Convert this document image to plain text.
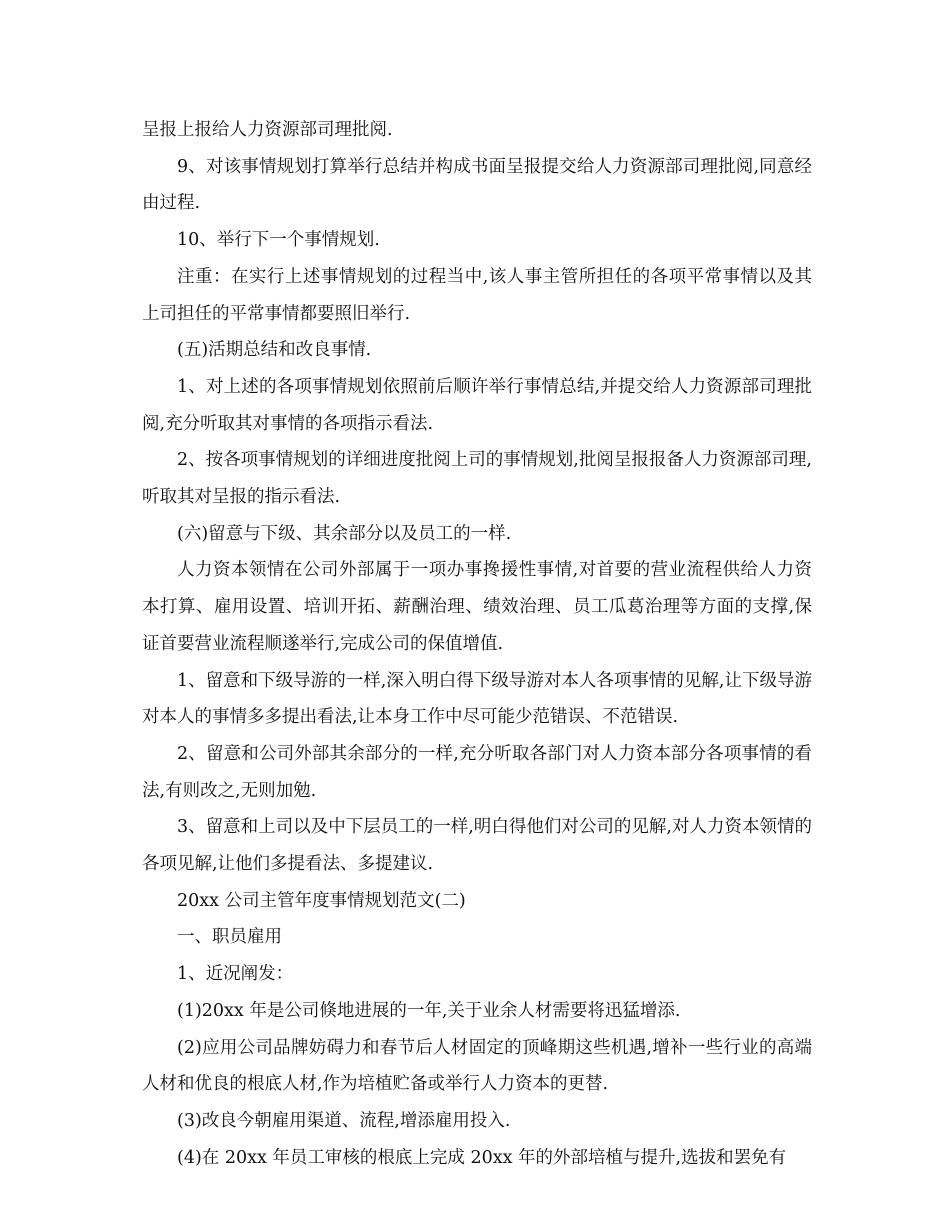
呈报上报给人力资源部司理批阅.

9、对该事情规划打算举行总结并构成书面呈报提交给人力资源部司理批阅,同意经由过程.

10、举行下一个事情规划.

注重：在实行上述事情规划的过程当中,该人事主管所担任的各项平常事情以及其上司担任的平常事情都要照旧举行.

(五)活期总结和改良事情.

1、对上述的各项事情规划依照前后顺许举行事情总结,并提交给人力资源部司理批阅,充分听取其对事情的各项指示看法.

2、按各项事情规划的详细进度批阅上司的事情规划,批阅呈报报备人力资源部司理,听取其对呈报的指示看法.

(六)留意与下级、其余部分以及员工的一样.

人力资本领情在公司外部属于一项办事搀援性事情,对首要的营业流程供给人力资本打算、雇用设置、培训开拓、薪酬治理、绩效治理、员工瓜葛治理等方面的支撑,保证首要营业流程顺遂举行,完成公司的保值增值.

1、留意和下级导游的一样,深入明白得下级导游对本人各项事情的见解,让下级导游对本人的事情多多提出看法,让本身工作中尽可能少范错误、不范错误.

2、留意和公司外部其余部分的一样,充分听取各部门对人力资本部分各项事情的看法,有则改之,无则加勉.

3、留意和上司以及中下层员工的一样,明白得他们对公司的见解,对人力资本领情的各项见解,让他们多提看法、多提建议.

20xx 公司主管年度事情规划范文(二)

一、职员雇用

1、近况阐发：

(1)20xx 年是公司倏地进展的一年,关于业余人材需要将迅猛增添.

(2)应用公司品牌妨碍力和春节后人材固定的顶峰期这些机遇,增补一些行业的高端人材和优良的根底人材,作为培植贮备或举行人力资本的更替.

(3)改良今朝雇用渠道、流程,增添雇用投入.

(4)在 20xx 年员工审核的根底上完成 20xx 年的外部培植与提升,选拔和罢免有
